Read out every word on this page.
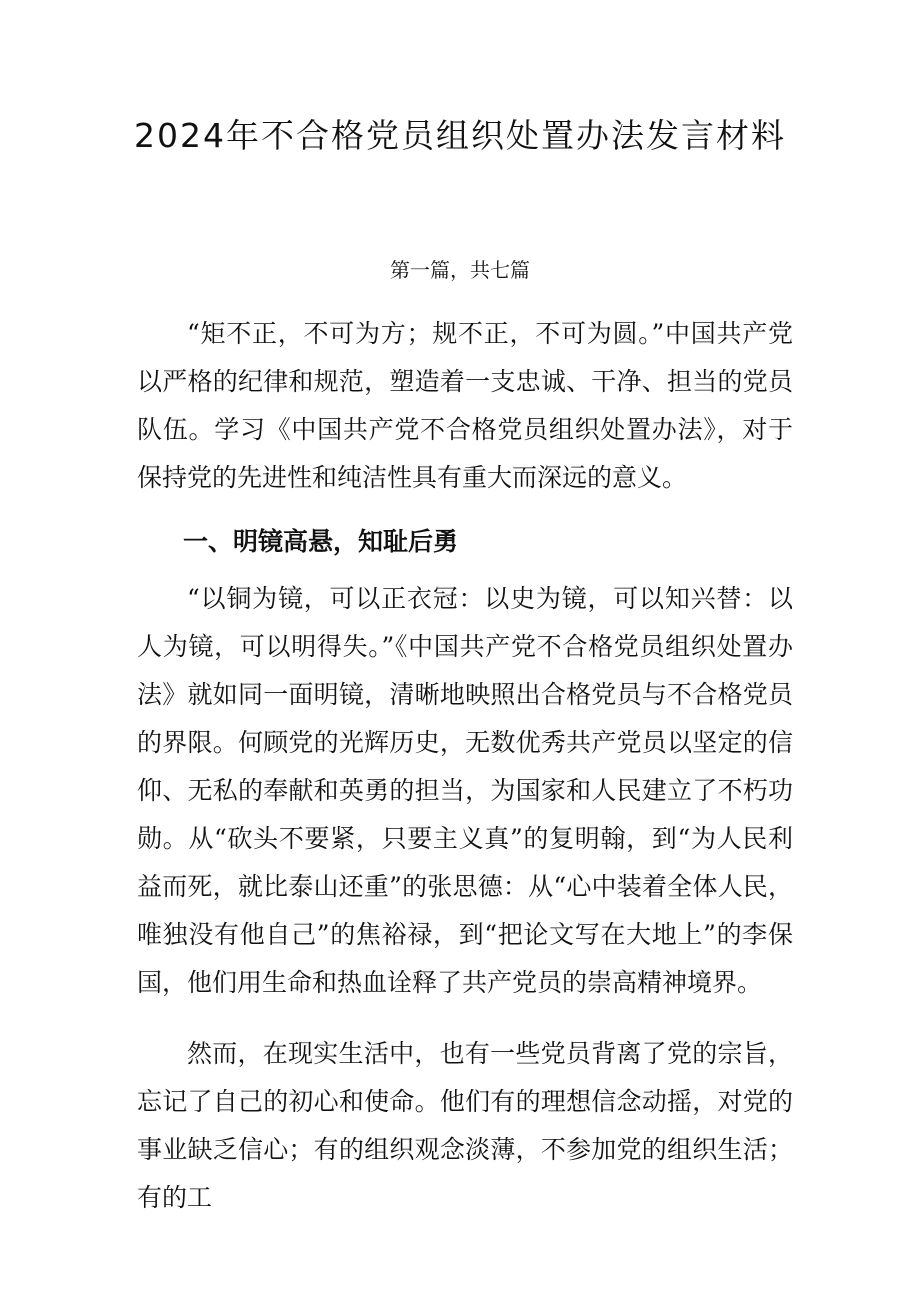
2024年不合格党员组织处置办法发言材料

第一篇，共七篇

“矩不正，不可为方；规不正，不可为圆。”中国共产党以严格的纪律和规范，塑造着一支忠诚、干净、担当的党员队伍。学习《中国共产党不合格党员组织处置办法》，对于保持党的先进性和纯洁性具有重大而深远的意义。

一、明镜高悬，知耻后勇

“以铜为镜，可以正衣冠：以史为镜，可以知兴替：以人为镜，可以明得失。”《中国共产党不合格党员组织处置办法》就如同一面明镜，清晰地映照出合格党员与不合格党员的界限。何顾党的光辉历史，无数优秀共产党员以坚定的信仰、无私的奉献和英勇的担当，为国家和人民建立了不朽功勋。从“砍头不要紧，只要主义真”的复明翰，到“为人民利益而死，就比泰山还重”的张思德：从“心中装着全体人民，唯独没有他自己”的焦裕禄，到“把论文写在大地上”的李保国，他们用生命和热血诠释了共产党员的崇高精神境界。

然而，在现实生活中，也有一些党员背离了党的宗旨，忘记了自己的初心和使命。他们有的理想信念动摇，对党的事业缺乏信心；有的组织观念淡薄，不参加党的组织生活；有的工
